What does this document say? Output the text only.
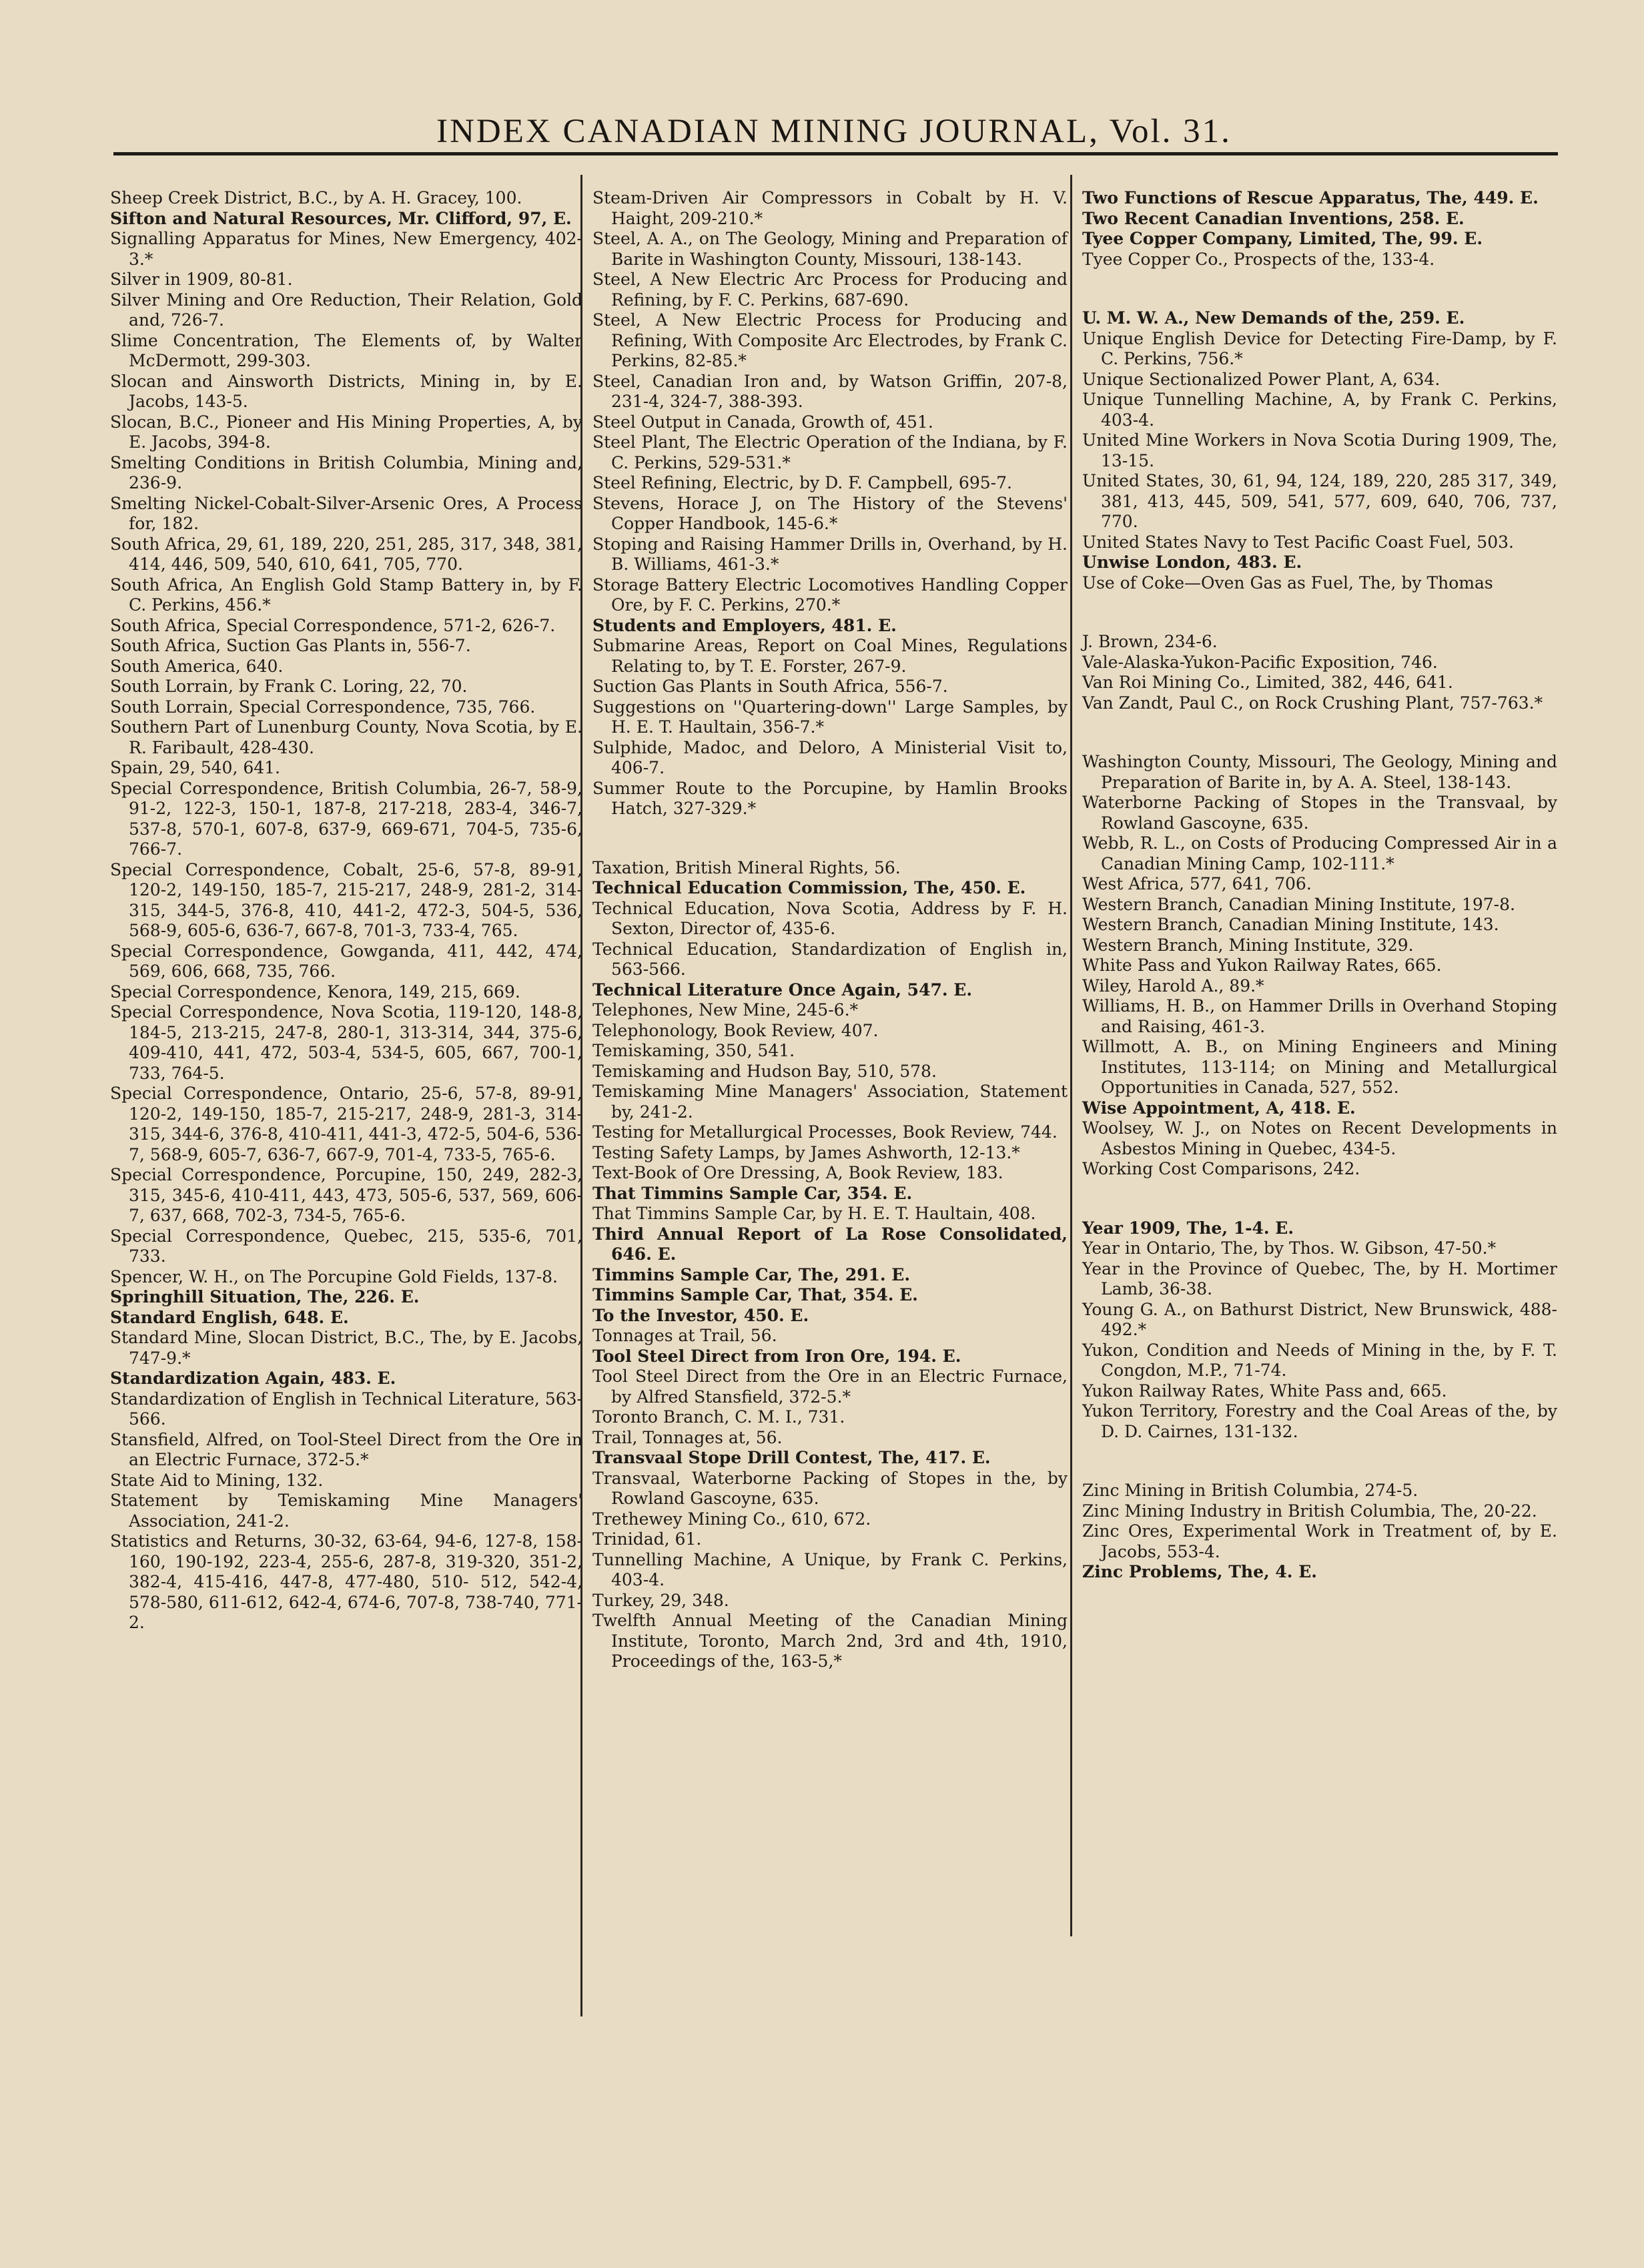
INDEX CANADIAN MINING JOURNAL, Vol. 31.

Sheep Creek District, B.C., by A. H. Gracey, 100.

Sifton and Natural Resources, Mr. Clifford, 97, E.

Signalling Apparatus for Mines, New Emergency, 402-3.*

Silver in 1909, 80-81.

Silver Mining and Ore Reduction, Their Relation, Gold and, 726-7.

Slime Concentration, The Elements of, by Walter McDermott, 299-303.

Slocan and Ainsworth Districts, Mining in, by E. Jacobs, 143-5.

Slocan, B.C., Pioneer and His Mining Properties, A, by E. Jacobs, 394-8.

Smelting Conditions in British Columbia, Mining and, 236-9.

Smelting Nickel-Cobalt-Silver-Arsenic Ores, A Process for, 182.

South Africa, 29, 61, 189, 220, 251, 285, 317, 348, 381, 414, 446, 509, 540, 610, 641, 705, 770.

South Africa, An English Gold Stamp Battery in, by F. C. Perkins, 456.*

South Africa, Special Correspondence, 571-2, 626-7.

South Africa, Suction Gas Plants in, 556-7.

South America, 640.

South Lorrain, by Frank C. Loring, 22, 70.

South Lorrain, Special Correspondence, 735, 766.

Southern Part of Lunenburg County, Nova Scotia, by E. R. Faribault, 428-430.

Spain, 29, 540, 641.

Special Correspondence, British Columbia, 26-7, 58-9, 91-2, 122-3, 150-1, 187-8, 217-218, 283-4, 346-7, 537-8, 570-1, 607-8, 637-9, 669-671, 704-5, 735-6, 766-7.

Special Correspondence, Cobalt, 25-6, 57-8, 89-91, 120-2, 149-150, 185-7, 215-217, 248-9, 281-2, 314-315, 344-5, 376-8, 410, 441-2, 472-3, 504-5, 536, 568-9, 605-6, 636-7, 667-8, 701-3, 733-4, 765.

Special Correspondence, Gowganda, 411, 442, 474, 569, 606, 668, 735, 766.

Special Correspondence, Kenora, 149, 215, 669.

Special Correspondence, Nova Scotia, 119-120, 148-8, 184-5, 213-215, 247-8, 280-1, 313-314, 344, 375-6, 409-410, 441, 472, 503-4, 534-5, 605, 667, 700-1, 733, 764-5.

Special Correspondence, Ontario, 25-6, 57-8, 89-91, 120-2, 149-150, 185-7, 215-217, 248-9, 281-3, 314-315, 344-6, 376-8, 410-411, 441-3, 472-5, 504-6, 536-7, 568-9, 605-7, 636-7, 667-9, 701-4, 733-5, 765-6.

Special Correspondence, Porcupine, 150, 249, 282-3, 315, 345-6, 410-411, 443, 473, 505-6, 537, 569, 606-7, 637, 668, 702-3, 734-5, 765-6.

Special Correspondence, Quebec, 215, 535-6, 701, 733.

Spencer, W. H., on The Porcupine Gold Fields, 137-8.

Springhill Situation, The, 226. E.

Standard English, 648. E.

Standard Mine, Slocan District, B.C., The, by E. Jacobs, 747-9.*

Standardization Again, 483. E.

Standardization of English in Technical Literature, 563-566.

Stansfield, Alfred, on Tool-Steel Direct from the Ore in an Electric Furnace, 372-5.*

State Aid to Mining, 132.

Statement by Temiskaming Mine Managers' Association, 241-2.

Statistics and Returns, 30-32, 63-64, 94-6, 127-8, 158-160, 190-192, 223-4, 255-6, 287-8, 319-320, 351-2, 382-4, 415-416, 447-8, 477-480, 510- 512, 542-4, 578-580, 611-612, 642-4, 674-6, 707-8, 738-740, 771-2.

Steam-Driven Air Compressors in Cobalt by H. V. Haight, 209-210.*

Steel, A. A., on The Geology, Mining and Preparation of Barite in Washington County, Missouri, 138-143.

Steel, A New Electric Arc Process for Producing and Refining, by F. C. Perkins, 687-690.

Steel, A New Electric Process for Producing and Refining, With Composite Arc Electrodes, by Frank C. Perkins, 82-85.*

Steel, Canadian Iron and, by Watson Griffin, 207-8, 231-4, 324-7, 388-393.

Steel Output in Canada, Growth of, 451.

Steel Plant, The Electric Operation of the Indiana, by F. C. Perkins, 529-531.*

Steel Refining, Electric, by D. F. Campbell, 695-7.

Stevens, Horace J, on The History of the Stevens' Copper Handbook, 145-6.*

Stoping and Raising Hammer Drills in, Overhand, by H. B. Williams, 461-3.*

Storage Battery Electric Locomotives Handling Copper Ore, by F. C. Perkins, 270.*

Students and Employers, 481. E.

Submarine Areas, Report on Coal Mines, Regulations Relating to, by T. E. Forster, 267-9.

Suction Gas Plants in South Africa, 556-7.

Suggestions on ''Quartering-down'' Large Samples, by H. E. T. Haultain, 356-7.*

Sulphide, Madoc, and Deloro, A Ministerial Visit to, 406-7.

Summer Route to the Porcupine, by Hamlin Brooks Hatch, 327-329.*

Taxation, British Mineral Rights, 56.

Technical Education Commission, The, 450. E.

Technical Education, Nova Scotia, Address by F. H. Sexton, Director of, 435-6.

Technical Education, Standardization of English in, 563-566.

Technical Literature Once Again, 547. E.

Telephones, New Mine, 245-6.*

Telephonology, Book Review, 407.

Temiskaming, 350, 541.

Temiskaming and Hudson Bay, 510, 578.

Temiskaming Mine Managers' Association, Statement by, 241-2.

Testing for Metallurgical Processes, Book Review, 744.

Testing Safety Lamps, by James Ashworth, 12-13.*

Text-Book of Ore Dressing, A, Book Review, 183.

That Timmins Sample Car, 354. E.

That Timmins Sample Car, by H. E. T. Haultain, 408.

Third Annual Report of La Rose Consolidated, 646. E.

Timmins Sample Car, The, 291. E.

Timmins Sample Car, That, 354. E.

To the Investor, 450. E.

Tonnages at Trail, 56.

Tool Steel Direct from Iron Ore, 194. E.

Tool Steel Direct from the Ore in an Electric Furnace, by Alfred Stansfield, 372-5.*

Toronto Branch, C. M. I., 731.

Trail, Tonnages at, 56.

Transvaal Stope Drill Contest, The, 417. E.

Transvaal, Waterborne Packing of Stopes in the, by Rowland Gascoyne, 635.

Trethewey Mining Co., 610, 672.

Trinidad, 61.

Tunnelling Machine, A Unique, by Frank C. Perkins, 403-4.

Turkey, 29, 348.

Twelfth Annual Meeting of the Canadian Mining Institute, Toronto, March 2nd, 3rd and 4th, 1910, Proceedings of the, 163-5,*

Two Functions of Rescue Apparatus, The, 449. E.

Two Recent Canadian Inventions, 258. E.

Tyee Copper Company, Limited, The, 99. E.

Tyee Copper Co., Prospects of the, 133-4.

U. M. W. A., New Demands of the, 259. E.

Unique English Device for Detecting Fire-Damp, by F. C. Perkins, 756.*

Unique Sectionalized Power Plant, A, 634.

Unique Tunnelling Machine, A, by Frank C. Perkins, 403-4.

United Mine Workers in Nova Scotia During 1909, The, 13-15.

United States, 30, 61, 94, 124, 189, 220, 285 317, 349, 381, 413, 445, 509, 541, 577, 609, 640, 706, 737, 770.

United States Navy to Test Pacific Coast Fuel, 503.

Unwise London, 483. E.

Use of Coke—Oven Gas as Fuel, The, by Thomas

J. Brown, 234-6.

Vale-Alaska-Yukon-Pacific Exposition, 746.

Van Roi Mining Co., Limited, 382, 446, 641.

Van Zandt, Paul C., on Rock Crushing Plant, 757-763.*

Washington County, Missouri, The Geology, Mining and Preparation of Barite in, by A. A. Steel, 138-143.

Waterborne Packing of Stopes in the Transvaal, by Rowland Gascoyne, 635.

Webb, R. L., on Costs of Producing Compressed Air in a Canadian Mining Camp, 102-111.*

West Africa, 577, 641, 706.

Western Branch, Canadian Mining Institute, 197-8.

Western Branch, Canadian Mining Institute, 143.

Western Branch, Mining Institute, 329.

White Pass and Yukon Railway Rates, 665.

Wiley, Harold A., 89.*

Williams, H. B., on Hammer Drills in Overhand Stoping and Raising, 461-3.

Willmott, A. B., on Mining Engineers and Mining Institutes, 113-114; on Mining and Metallurgical Opportunities in Canada, 527, 552.

Wise Appointment, A, 418. E.

Woolsey, W. J., on Notes on Recent Developments in Asbestos Mining in Quebec, 434-5.

Working Cost Comparisons, 242.

Year 1909, The, 1-4. E.

Year in Ontario, The, by Thos. W. Gibson, 47-50.*

Year in the Province of Quebec, The, by H. Mortimer Lamb, 36-38.

Young G. A., on Bathurst District, New Brunswick, 488-492.*

Yukon, Condition and Needs of Mining in the, by F. T. Congdon, M.P., 71-74.

Yukon Railway Rates, White Pass and, 665.

Yukon Territory, Forestry and the Coal Areas of the, by D. D. Cairnes, 131-132.

Zinc Mining in British Columbia, 274-5.

Zinc Mining Industry in British Columbia, The, 20-22.

Zinc Ores, Experimental Work in Treatment of, by E. Jacobs, 553-4.

Zinc Problems, The, 4. E.
